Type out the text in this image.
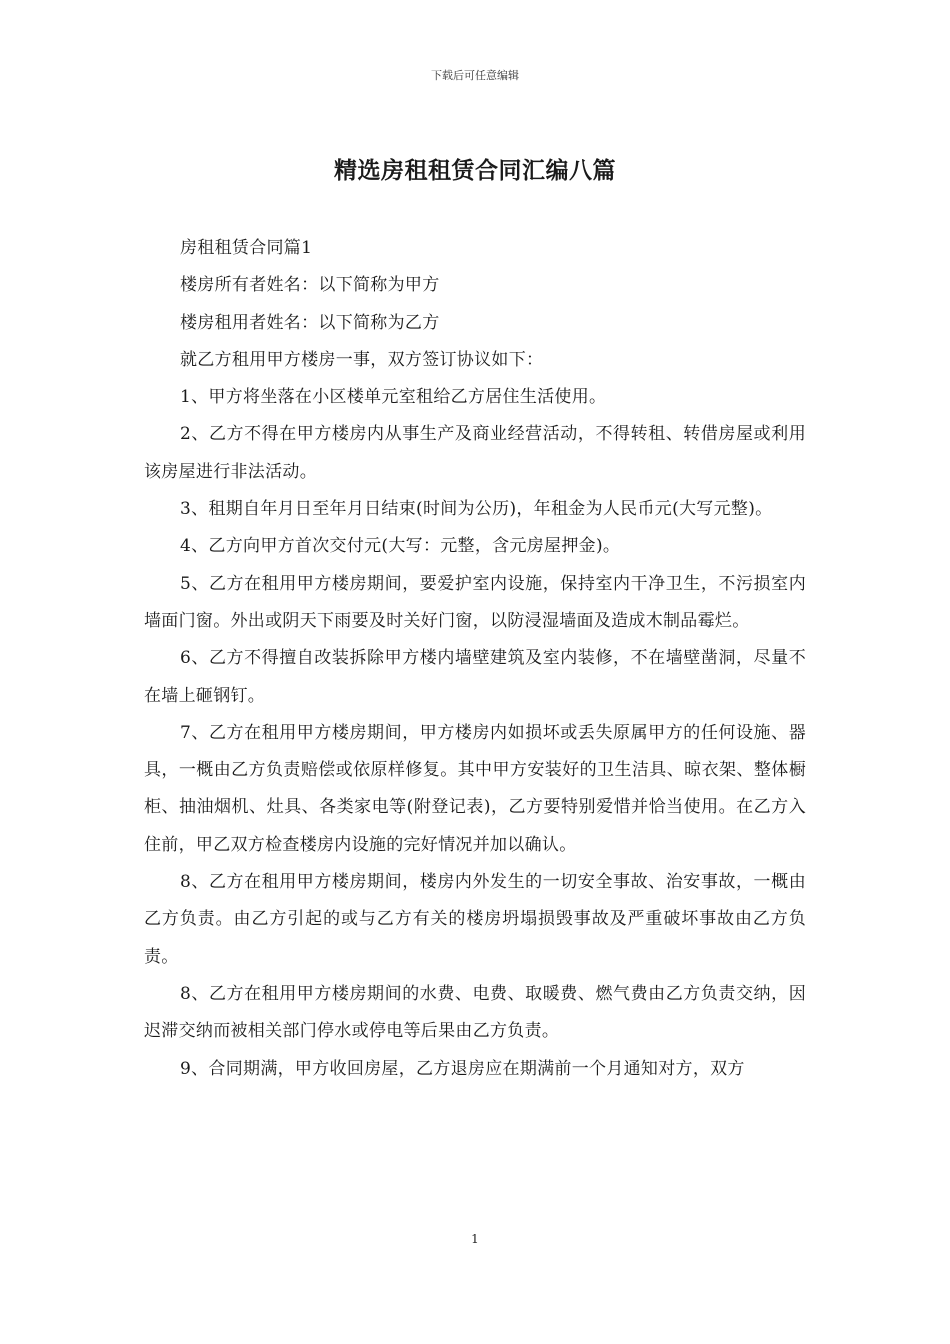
下载后可任意编辑
精选房租租赁合同汇编八篇

房租租赁合同篇1

楼房所有者姓名：以下简称为甲方

楼房租用者姓名：以下简称为乙方

就乙方租用甲方楼房一事，双方签订协议如下：

1、甲方将坐落在小区楼单元室租给乙方居住生活使用。

2、乙方不得在甲方楼房内从事生产及商业经营活动，不得转租、转借房屋或利用该房屋进行非法活动。

3、租期自年月日至年月日结束(时间为公历)，年租金为人民币元(大写元整)。

4、乙方向甲方首次交付元(大写：元整，含元房屋押金)。

5、乙方在租用甲方楼房期间，要爱护室内设施，保持室内干净卫生，不污损室内墙面门窗。外出或阴天下雨要及时关好门窗，以防浸湿墙面及造成木制品霉烂。

6、乙方不得擅自改装拆除甲方楼内墙壁建筑及室内装修，不在墙壁凿洞，尽量不在墙上砸钢钉。

7、乙方在租用甲方楼房期间，甲方楼房内如损坏或丢失原属甲方的任何设施、器具，一概由乙方负责赔偿或依原样修复。其中甲方安装好的卫生洁具、晾衣架、整体橱柜、抽油烟机、灶具、各类家电等(附登记表)，乙方要特别爱惜并恰当使用。在乙方入住前，甲乙双方检查楼房内设施的完好情况并加以确认。

8、乙方在租用甲方楼房期间，楼房内外发生的一切安全事故、治安事故，一概由乙方负责。由乙方引起的或与乙方有关的楼房坍塌损毁事故及严重破坏事故由乙方负责。

8、乙方在租用甲方楼房期间的水费、电费、取暖费、燃气费由乙方负责交纳，因迟滞交纳而被相关部门停水或停电等后果由乙方负责。

9、合同期满，甲方收回房屋，乙方退房应在期满前一个月通知对方，双方

1
